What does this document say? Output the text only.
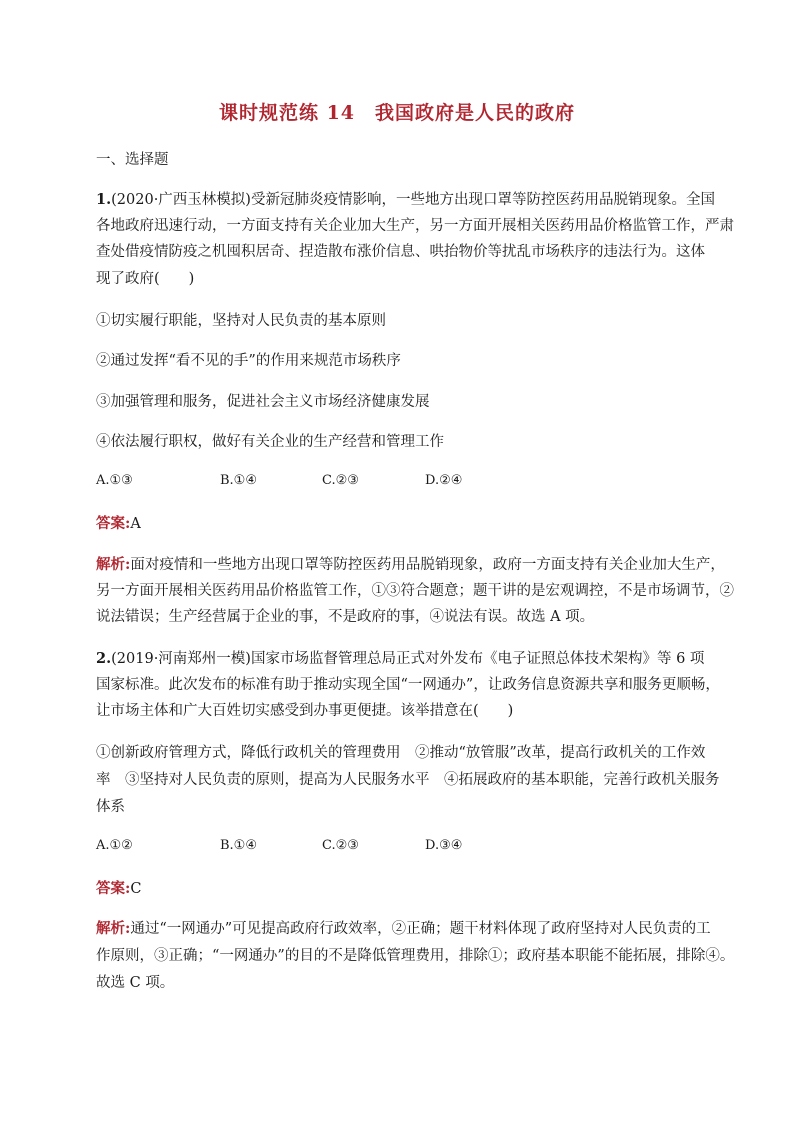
课时规范练 14　我国政府是人民的政府
一、选择题
1.(2020·广西玉林模拟)受新冠肺炎疫情影响，一些地方出现口罩等防控医药用品脱销现象。全国
各地政府迅速行动，一方面支持有关企业加大生产，另一方面开展相关医药用品价格监管工作，严肃
查处借疫情防疫之机囤积居奇、捏造散布涨价信息、哄抬物价等扰乱市场秩序的违法行为。这体
现了政府(　　)
①切实履行职能，坚持对人民负责的基本原则
②通过发挥“看不见的手”的作用来规范市场秩序
③加强管理和服务，促进社会主义市场经济健康发展
④依法履行职权，做好有关企业的生产经营和管理工作
A.①③	B.①④	C.②③	D.②④
答案:A
解析:面对疫情和一些地方出现口罩等防控医药用品脱销现象，政府一方面支持有关企业加大生产，
另一方面开展相关医药用品价格监管工作，①③符合题意；题干讲的是宏观调控，不是市场调节，②
说法错误；生产经营属于企业的事，不是政府的事，④说法有误。故选 A 项。
2.(2019·河南郑州一模)国家市场监督管理总局正式对外发布《电子证照总体技术架构》等 6 项
国家标准。此次发布的标准有助于推动实现全国“一网通办”，让政务信息资源共享和服务更顺畅，
让市场主体和广大百姓切实感受到办事更便捷。该举措意在(　　)
①创新政府管理方式，降低行政机关的管理费用　②推动“放管服”改革，提高行政机关的工作效
率　③坚持对人民负责的原则，提高为人民服务水平　④拓展政府的基本职能，完善行政机关服务
体系
A.①②	B.①④	C.②③	D.③④
答案:C
解析:通过“一网通办”可见提高政府行政效率，②正确；题干材料体现了政府坚持对人民负责的工
作原则，③正确；“一网通办”的目的不是降低管理费用，排除①；政府基本职能不能拓展，排除④。
故选 C 项。
